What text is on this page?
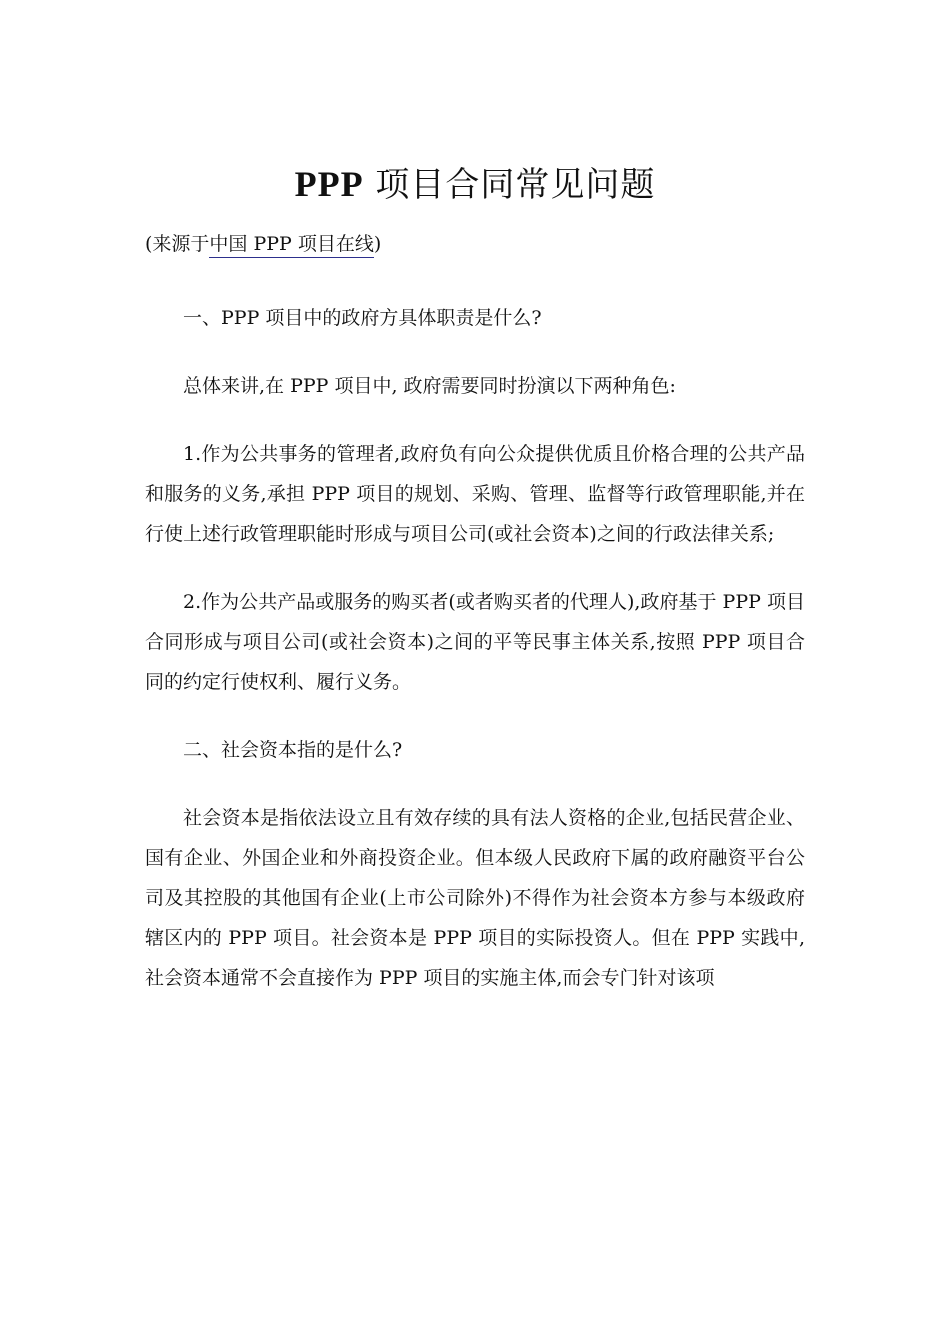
PPP 项目合同常见问题
(来源于中国 PPP 项目在线)

一、PPP 项目中的政府方具体职责是什么?

总体来讲,在 PPP 项目中, 政府需要同时扮演以下两种角色:

1.作为公共事务的管理者,政府负有向公众提供优质且价格合理的公共产品和服务的义务,承担 PPP 项目的规划、采购、管理、监督等行政管理职能,并在行使上述行政管理职能时形成与项目公司(或社会资本)之间的行政法律关系;

2.作为公共产品或服务的购买者(或者购买者的代理人),政府基于 PPP 项目合同形成与项目公司(或社会资本)之间的平等民事主体关系,按照 PPP 项目合同的约定行使权利、履行义务。

二、社会资本指的是什么?

社会资本是指依法设立且有效存续的具有法人资格的企业,包括民营企业、国有企业、外国企业和外商投资企业。但本级人民政府下属的政府融资平台公司及其控股的其他国有企业(上市公司除外)不得作为社会资本方参与本级政府辖区内的 PPP 项目。社会资本是 PPP 项目的实际投资人。但在 PPP 实践中,社会资本通常不会直接作为 PPP 项目的实施主体,而会专门针对该项
